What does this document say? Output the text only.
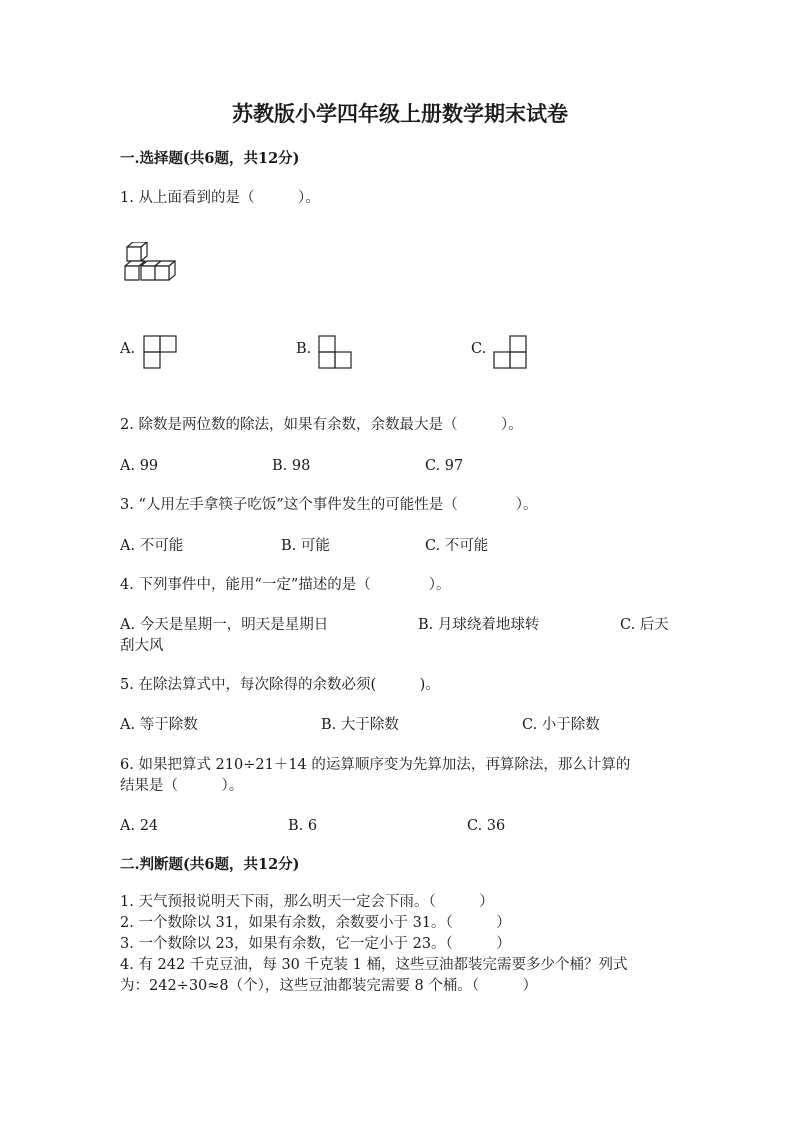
苏教版小学四年级上册数学期末试卷
一.选择题(共6题，共12分)
1. 从上面看到的是（　　　）。
A.	B.	C.
2. 除数是两位数的除法，如果有余数，余数最大是（　　　）。
A. 99	B. 98	C. 97
3. “人用左手拿筷子吃饭”这个事件发生的可能性是（　　　　）。
A. 不可能	B. 可能	C. 不可能
4. 下列事件中，能用“一定”描述的是（　　　　）。
A. 今天是星期一，明天是星期日	B. 月球绕着地球转	C. 后天
刮大风
5. 在除法算式中，每次除得的余数必须(　　　)。
A. 等于除数	B. 大于除数	C. 小于除数
6. 如果把算式 210÷21＋14 的运算顺序变为先算加法，再算除法，那么计算的
结果是（　　　）。
A. 24	B. 6	C. 36
二.判断题(共6题，共12分)
1. 天气预报说明天下雨，那么明天一定会下雨。（　　　）
2. 一个数除以 31，如果有余数，余数要小于 31。（　　　）
3. 一个数除以 23，如果有余数，它一定小于 23。（　　　）
4. 有 242 千克豆油，每 30 千克装 1 桶，这些豆油都装完需要多少个桶？列式
为：242÷30≈8（个），这些豆油都装完需要 8 个桶。（　　　）
